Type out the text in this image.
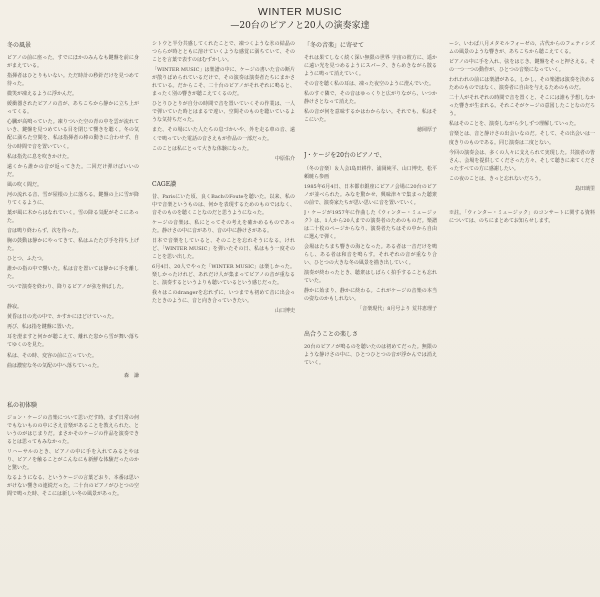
WINTER MUSIC
—20台のピアノと20人の演奏家達
冬の風景

ピアノの前に座った。すでにほかのみんなも鍵盤を前に身がまえている。

指揮者はひとりもいない。ただ時計の秒針だけを見つめて待った。

微笑が凍えるように浮かんだ。

緩衝器されたピアノの音が、あちこちから静かに立ち上がってくる。

心臓が高鳴っていた。凍りついた空の青の中を雲が流れていき、鍵盤を見つめている目を閉じて響きを聴く。冬の気配に満ちた空間を、私は指揮者の棒の動きに合わせず、自分の時間で音を置いていく。

私は指先に息を吹きかけた。

遠くから誰かの音が返ってきた。二回だけ弾けばいいのだ。

風の吹く間だ。

河の流れる音、雪が屋根の上に落ちる。鍵盤の上に雪が降りてくるように、

葉が風に木からはなれていく。雪の降る気配がそこにあった。

音は鳴り終わらず、次を待った。

胸の鼓動は静かにやってきて、私はふたたび手を持ち上げた。

ひとつ、ふたつ。

誰かの指の中で響いた。私は音を置いては静かに手を離した。

ついで演奏を終わり、降りるピアノが弦を伸ばした。

静寂。

黄昏は日の光の中で、かすかにほどけていった。

再び、私は指を鍵盤に置いた。

耳を澄ますと何かが聴こえて、離れた窓から雪が舞い落ちてゆくのを見た。

私は、その時、変容の前に立っていた。

曲は濃密な冬の気配の中へ落ちていった。

森　謙
私の初体験

ジョン・ケージの音楽について思いだす時、まず日常の何でもないものの中にさえ音楽があることを教えられた、というのがはじまりだ。まさかそのケージの作品を演奏できるとは思ってもみなかった。

リハーサルのとき、ピアノの中に手を入れてみるとやはり、ピアノを触ることがこんなにも新鮮な体験だったのかと驚いた。

なるようになる、というケージの言葉どおり、本番は思いがけない響きの連続だった。二十台のピアノがひとつの空間で鳴った時、そこには新しい冬の風景があった。

シトウと半分共感してくれたことで、凍つくような氷の結晶のつららが時とともに溶けていくような感覚に満ちていて、そのことを言葉で表すのはむずかしい。

「WINTER MUSIC」は楽譜の中に、ケージの書いた音の断片が散りばめられているだけで、その演奏は演奏者たちにまかされている。だからこそ、二十台のピアノがそれぞれに鳴ると、まったく別の響きが聴こえてくるのだ。

ひとりひとりが自分の時間で音を置いていくその作業は、一人で弾いていた時とはまるで違い、空間そのものを聴いているような気持ちだった。

また、その場にいた人たちの息づかいや、外を走る車の音、遠くで鳴っていた電話の音さえもが作品の一部だった。

このことは私にとって大きな体験になった。

中原佑介
CAGE讃

昔、Parisにいた頃、良くBachのFouteを聴いた。以来、私の中で音楽というものは、何かを表現するためのものではなく、音そのものを聴くことなのだと思うようになった。

ケージの音楽は、私にとってその考えを確かめるものであった。静けさの中に音があり、音の中に静けさがある。

日本で音楽をしていると、そのことを忘れそうになる。けれど、「WINTER MUSIC」を弾いたその日、私はもう一度そのことを思い出した。

6月4日、20人でやった「WINTER MUSIC」は楽しかった。楽しかったけれど、あれだけ人が集まってピアノの音が重なると、演奏するというよりも聴いているという感じだった。

我々はこのdrangerを忘れずに、いつまでも初めて音に出会ったときのように、音と向き合っていきたい。

山口博史
「冬の音楽」に寄せて

それは果てしなく続く深い無限の世界 宇宙の彼方に、遥かに遠い光を見つめるようにスパーク、きらめきながら散るように鳴って消えていく。

その音を聴く私の耳は、凍った夜空のように澄んでいた。

私のすぐ隣で、その音はゆっくりと広がりながら、いつか静けさとなって消えた。

私の音が何を意味するかはわからない。それでも、私はそこにいた。

徳岡厚子
J・ケージを20台のピアノで、

（冬の音楽）＆人会Ⅰ島田耕作、浦岡純平、山口博史、松平頼暁ら参画

1985年6月4日、日本都市銀座にピアノ会場に20台のピアノが並べられた。みなを驚かせ、興味津々で集まった聴衆の前で、演奏家たちが思い思いに音を置いていく。

J・ケージが1957年に作曲した《ウィンター・ミュージック》は、1人から20人までの演奏者のためのものだ。楽譜は二十枚のページからなり、演奏者たちはその中から自由に選んで弾く。

会場はたちまち響きの海となった。ある者は一音だけを鳴らし、ある者は和音を鳴らす。それぞれの音が重なり合い、ひとつの大きな冬の風景を描き出していく。

演奏が終わったとき、聴衆はしばらく拍手することも忘れていた。

静かに始まり、静かに終わる。これがケージの音楽の本当の姿なのかもしれない。

「音楽現代」8月号より 荒井恵理子
出合うことの楽しさ

20台のピアノが鳴るのを聴いたのは初めてだった。無限のような静けさの中に、ひとつひとつの音が浮かんでは消えていく。

ーシ、いわば八月メタモルフォーゼの、古代からのフェティシズムの風景のような響きが、あちこちから聴こえてくる。

ピアノの中に手を入れ、弦をはじき、鍵盤をそっと押さえる。その一つ一つの動作が、ひとつの音楽になっていく。

われわれの前には楽譜がある。しかし、その楽譜は演奏を決めるためのものではなく、演奏者に自由を与えるためのものだ。

二十人がそれぞれの時間で音を置くと、そこには誰も予想しなかった響きが生まれる。それこそがケージの意図したことなのだろう。

私はそのことを、演奏しながら少しずつ理解していった。

音楽とは、音と静けさの出会いなのだ。そして、その出会いは一度きりのものである。同じ演奏は二度とない。

今回の演奏会は、多くの人々に支えられて実現した。共演者の皆さん、会場を提供してくださった方々、そして聴きに来てくださったすべての方に感謝したい。

この夜のことは、きっと忘れないだろう。

島田璃里

※註。「ウィンター・ミュージック」のコンサートに関する資料については、のちにまとめてお知らせします。
